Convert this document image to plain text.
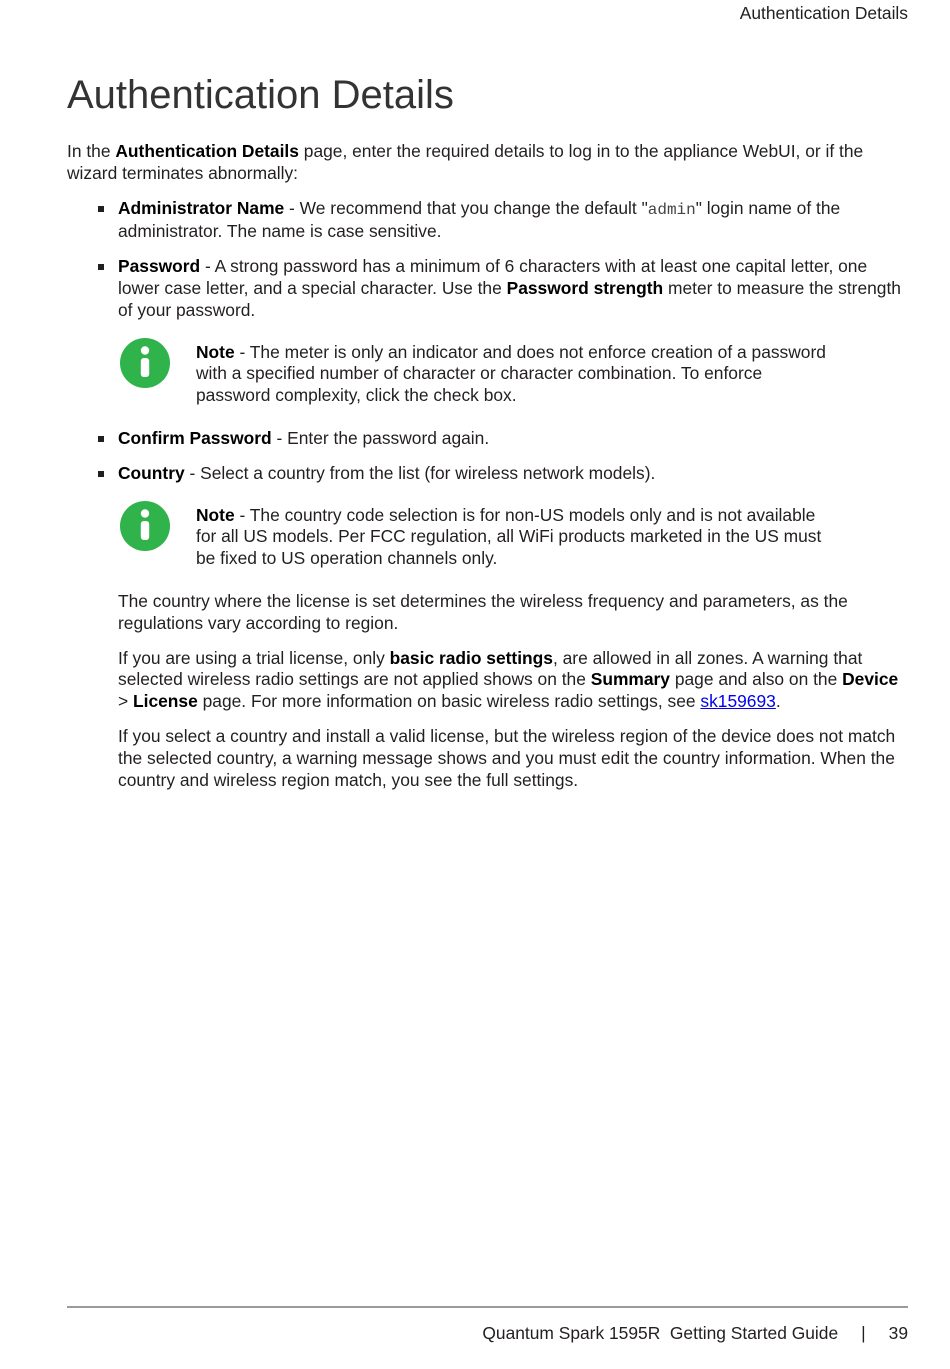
Authentication Details
Authentication Details

In the Authentication Details page, enter the required details to log in to the appliance WebUI, or if the wizard terminates abnormally:

Administrator Name - We recommend that you change the default "admin" login name of the administrator. The name is case sensitive.
Password - A strong password has a minimum of 6 characters with at least one capital letter, one lower case letter, and a special character. Use the Password strength meter to measure the strength of your password.
Note - The meter is only an indicator and does not enforce creation of a password with a specified number of character or character combination. To enforce password complexity, click the check box.
Confirm Password - Enter the password again.
Country - Select a country from the list (for wireless network models).
Note - The country code selection is for non-US models only and is not available for all US models. Per FCC regulation, all WiFi products marketed in the US must be fixed to US operation channels only.

The country where the license is set determines the wireless frequency and parameters, as the regulations vary according to region.

If you are using a trial license, only basic radio settings, are allowed in all zones. A warning that selected wireless radio settings are not applied shows on the Summary page and also on the Device > License page. For more information on basic wireless radio settings, see sk159693.

If you select a country and install a valid license, but the wireless region of the device does not match the selected country, a warning message shows and you must edit the country information. When the country and wireless region match, you see the full settings.

Quantum Spark 1595R  Getting Started Guide | 39
